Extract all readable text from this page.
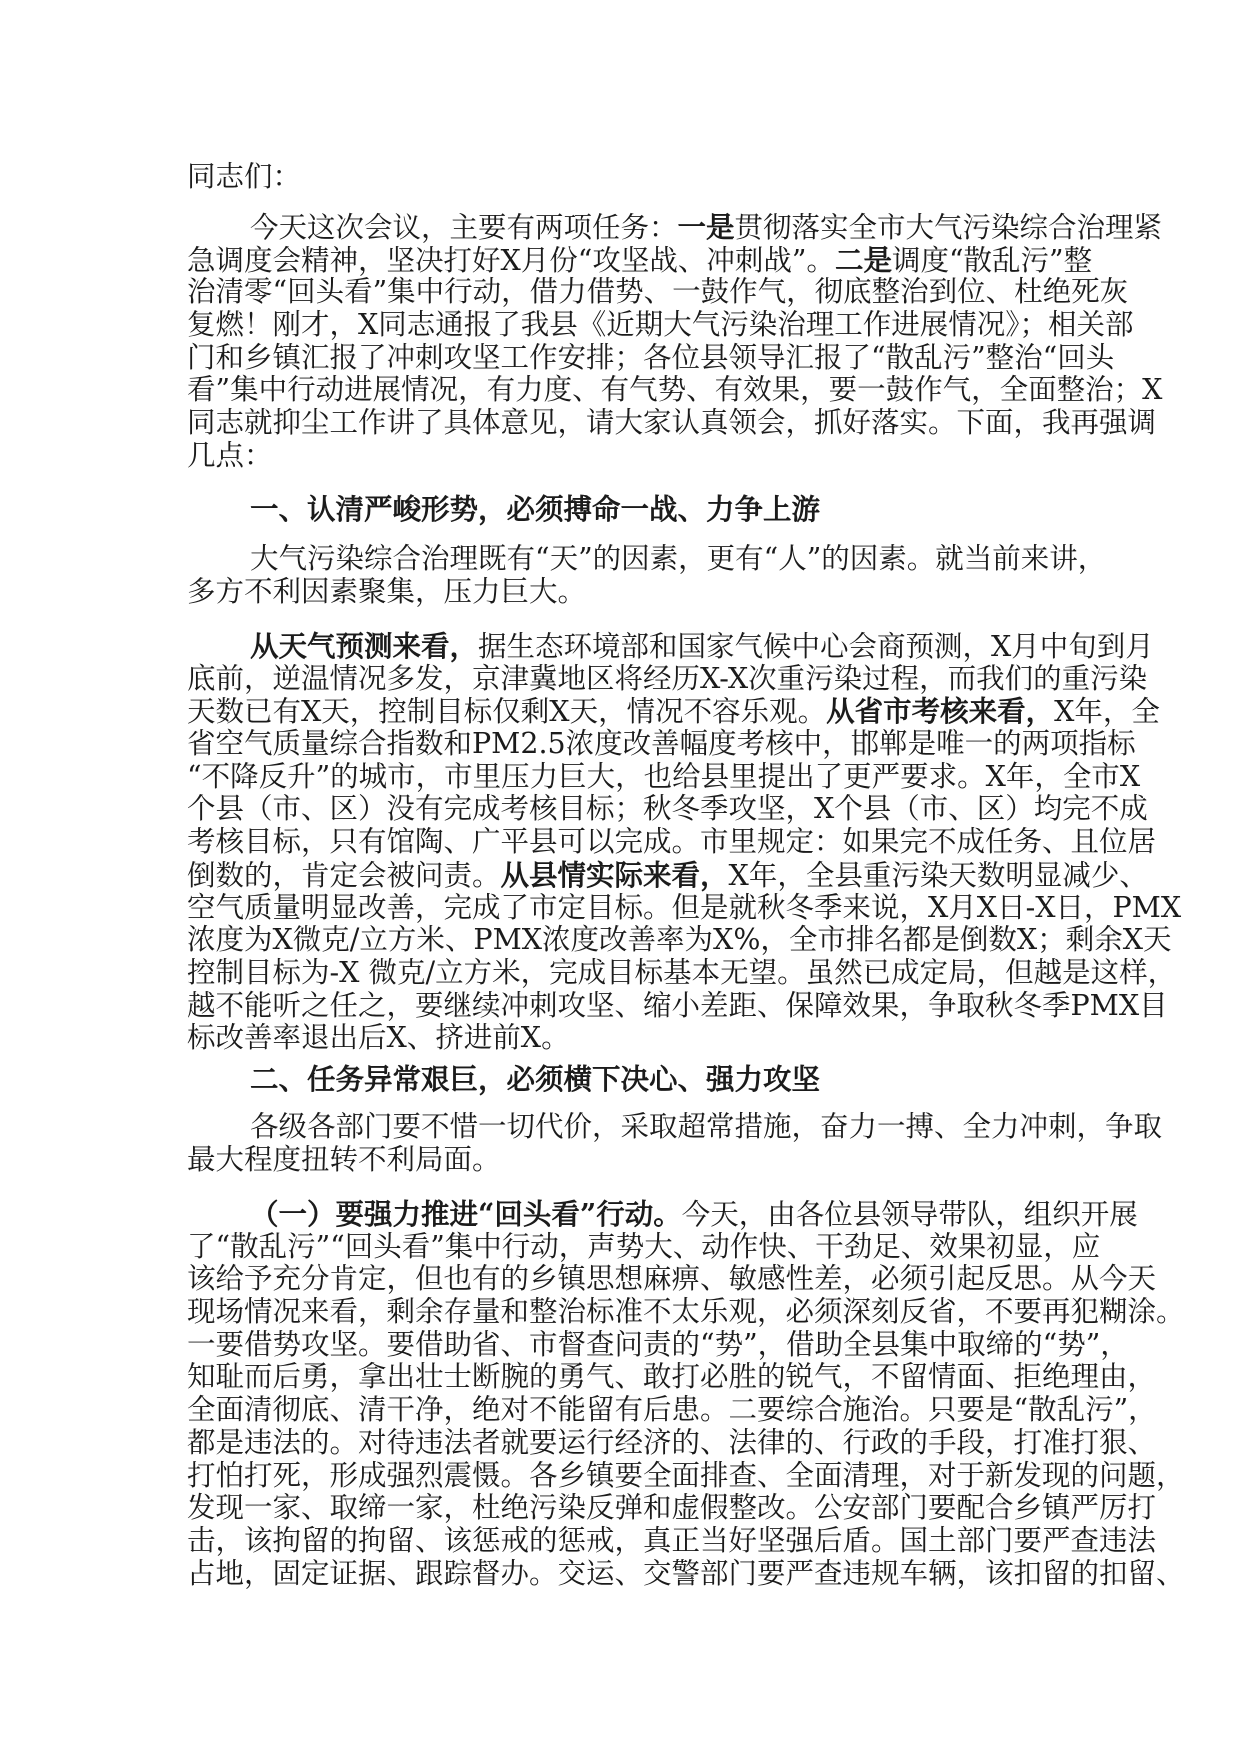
同志们：
今天这次会议，主要有两项任务：一是贯彻落实全市大气污染综合治理紧
急调度会精神，坚决打好X月份“攻坚战、冲刺战”。二是调度“散乱污”整
治清零“回头看”集中行动，借力借势、一鼓作气，彻底整治到位、杜绝死灰
复燃！刚才，X同志通报了我县《近期大气污染治理工作进展情况》；相关部
门和乡镇汇报了冲刺攻坚工作安排；各位县领导汇报了“散乱污”整治“回头
看”集中行动进展情况，有力度、有气势、有效果，要一鼓作气，全面整治；X
同志就抑尘工作讲了具体意见，请大家认真领会，抓好落实。下面，我再强调
几点：
一、认清严峻形势，必须搏命一战、力争上游
大气污染综合治理既有“天”的因素，更有“人”的因素。就当前来讲，
多方不利因素聚集，压力巨大。
从天气预测来看，据生态环境部和国家气候中心会商预测，X月中旬到月
底前，逆温情况多发，京津冀地区将经历X-X次重污染过程，而我们的重污染
天数已有X天，控制目标仅剩X天，情况不容乐观。从省市考核来看，X年，全
省空气质量综合指数和PM2.5浓度改善幅度考核中，邯郸是唯一的两项指标
“不降反升”的城市，市里压力巨大，也给县里提出了更严要求。X年，全市X
个县（市、区）没有完成考核目标；秋冬季攻坚，X个县（市、区）均完不成
考核目标，只有馆陶、广平县可以完成。市里规定：如果完不成任务、且位居
倒数的，肯定会被问责。从县情实际来看，X年，全县重污染天数明显减少、
空气质量明显改善，完成了市定目标。但是就秋冬季来说，X月X日-X日，PMX
浓度为X微克/立方米、PMX浓度改善率为X%，全市排名都是倒数X；剩余X天
控制目标为-X 微克/立方米，完成目标基本无望。虽然已成定局，但越是这样，
越不能听之任之，要继续冲刺攻坚、缩小差距、保障效果，争取秋冬季PMX目
标改善率退出后X、挤进前X。
二、任务异常艰巨，必须横下决心、强力攻坚
各级各部门要不惜一切代价，采取超常措施，奋力一搏、全力冲刺，争取
最大程度扭转不利局面。
（一）要强力推进“回头看”行动。今天，由各位县领导带队，组织开展
了“散乱污”“回头看”集中行动，声势大、动作快、干劲足、效果初显，应
该给予充分肯定，但也有的乡镇思想麻痹、敏感性差，必须引起反思。从今天
现场情况来看，剩余存量和整治标准不太乐观，必须深刻反省，不要再犯糊涂。
一要借势攻坚。要借助省、市督查问责的“势”，借助全县集中取缔的“势”，
知耻而后勇，拿出壮士断腕的勇气、敢打必胜的锐气，不留情面、拒绝理由，
全面清彻底、清干净，绝对不能留有后患。二要综合施治。只要是“散乱污”，
都是违法的。对待违法者就要运行经济的、法律的、行政的手段，打准打狠、
打怕打死，形成强烈震慑。各乡镇要全面排查、全面清理，对于新发现的问题，
发现一家、取缔一家，杜绝污染反弹和虚假整改。公安部门要配合乡镇严厉打
击，该拘留的拘留、该惩戒的惩戒，真正当好坚强后盾。国土部门要严查违法
占地，固定证据、跟踪督办。交运、交警部门要严查违规车辆，该扣留的扣留、
